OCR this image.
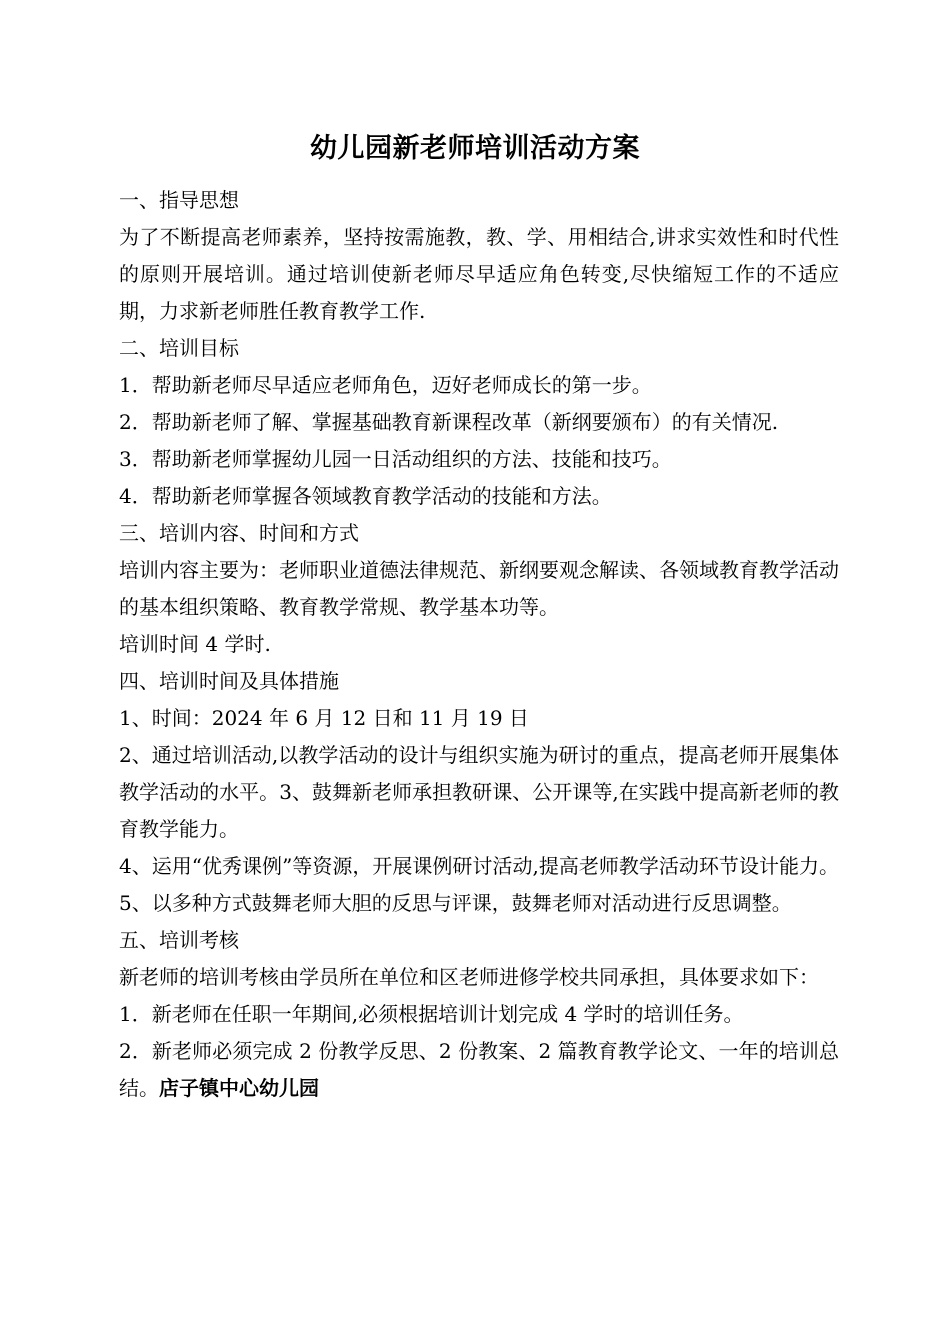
幼儿园新老师培训活动方案

一、指导思想

为了不断提高老师素养，坚持按需施教，教、学、用相结合,讲求实效性和时代性的原则开展培训。通过培训使新老师尽早适应角色转变,尽快缩短工作的不适应期，力求新老师胜任教育教学工作.

二、培训目标

1．帮助新老师尽早适应老师角色，迈好老师成长的第一步。

2．帮助新老师了解、掌握基础教育新课程改革（新纲要颁布）的有关情况.

3．帮助新老师掌握幼儿园一日活动组织的方法、技能和技巧。

4．帮助新老师掌握各领域教育教学活动的技能和方法。

三、培训内容、时间和方式

培训内容主要为：老师职业道德法律规范、新纲要观念解读、各领域教育教学活动的基本组织策略、教育教学常规、教学基本功等。

培训时间 4 学时.

四、培训时间及具体措施

1、时间：2024 年 6 月 12 日和 11 月 19 日

2、通过培训活动,以教学活动的设计与组织实施为研讨的重点，提高老师开展集体教学活动的水平。3、鼓舞新老师承担教研课、公开课等,在实践中提高新老师的教育教学能力。

4、运用“优秀课例”等资源，开展课例研讨活动,提高老师教学活动环节设计能力。5、以多种方式鼓舞老师大胆的反思与评课，鼓舞老师对活动进行反思调整。

五、培训考核

新老师的培训考核由学员所在单位和区老师进修学校共同承担，具体要求如下：

1．新老师在任职一年期间,必须根据培训计划完成 4 学时的培训任务。

2．新老师必须完成 2 份教学反思、2 份教案、2 篇教育教学论文、一年的培训总结。店子镇中心幼儿园
